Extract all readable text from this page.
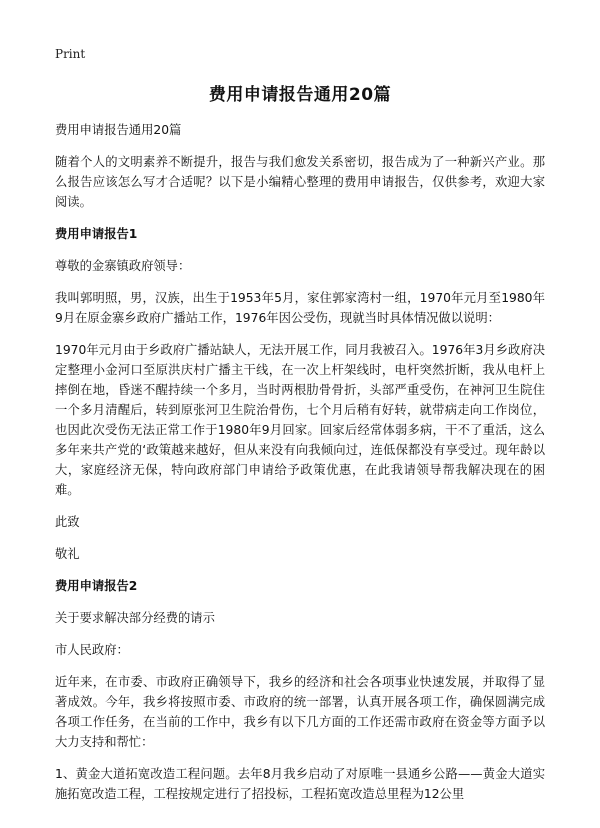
Print
费用申请报告通用20篇

费用申请报告通用20篇

随着个人的文明素养不断提升，报告与我们愈发关系密切，报告成为了一种新兴产业。那么报告应该怎么写才合适呢？以下是小编精心整理的费用申请报告，仅供参考，欢迎大家阅读。

费用申请报告1

尊敬的金寨镇政府领导：

我叫郭明照，男，汉族，出生于1953年5月，家住郭家湾村一组，1970年元月至1980年9月在原金寨乡政府广播站工作，1976年因公受伤，现就当时具体情况做以说明：

1970年元月由于乡政府广播站缺人，无法开展工作，同月我被召入。1976年3月乡政府决定整理小金河口至原洪庆村广播主干线，在一次上杆架线时，电杆突然折断，我从电杆上摔倒在地，昏迷不醒持续一个多月，当时两根肋骨骨折，头部严重受伤，在神河卫生院住一个多月清醒后，转到原张河卫生院治骨伤，七个月后稍有好转，就带病走向工作岗位，也因此次受伤无法正常工作于1980年9月回家。回家后经常体弱多病，干不了重活，这么多年来共产党的‘政策越来越好，但从来没有向我倾向过，连低保都没有享受过。现年龄以大，家庭经济无保，特向政府部门申请给予政策优惠，在此我请领导帮我解决现在的困难。

此致

敬礼

费用申请报告2

关于要求解决部分经费的请示

市人民政府：

近年来，在市委、市政府正确领导下，我乡的经济和社会各项事业快速发展，并取得了显著成效。今年，我乡将按照市委、市政府的统一部署，认真开展各项工作，确保圆满完成各项工作任务，在当前的工作中，我乡有以下几方面的工作还需市政府在资金等方面予以大力支持和帮忙：

1、黄金大道拓宽改造工程问题。去年8月我乡启动了对原唯一县通乡公路——黄金大道实施拓宽改造工程，工程按规定进行了招投标，工程拓宽改造总里程为12公里
